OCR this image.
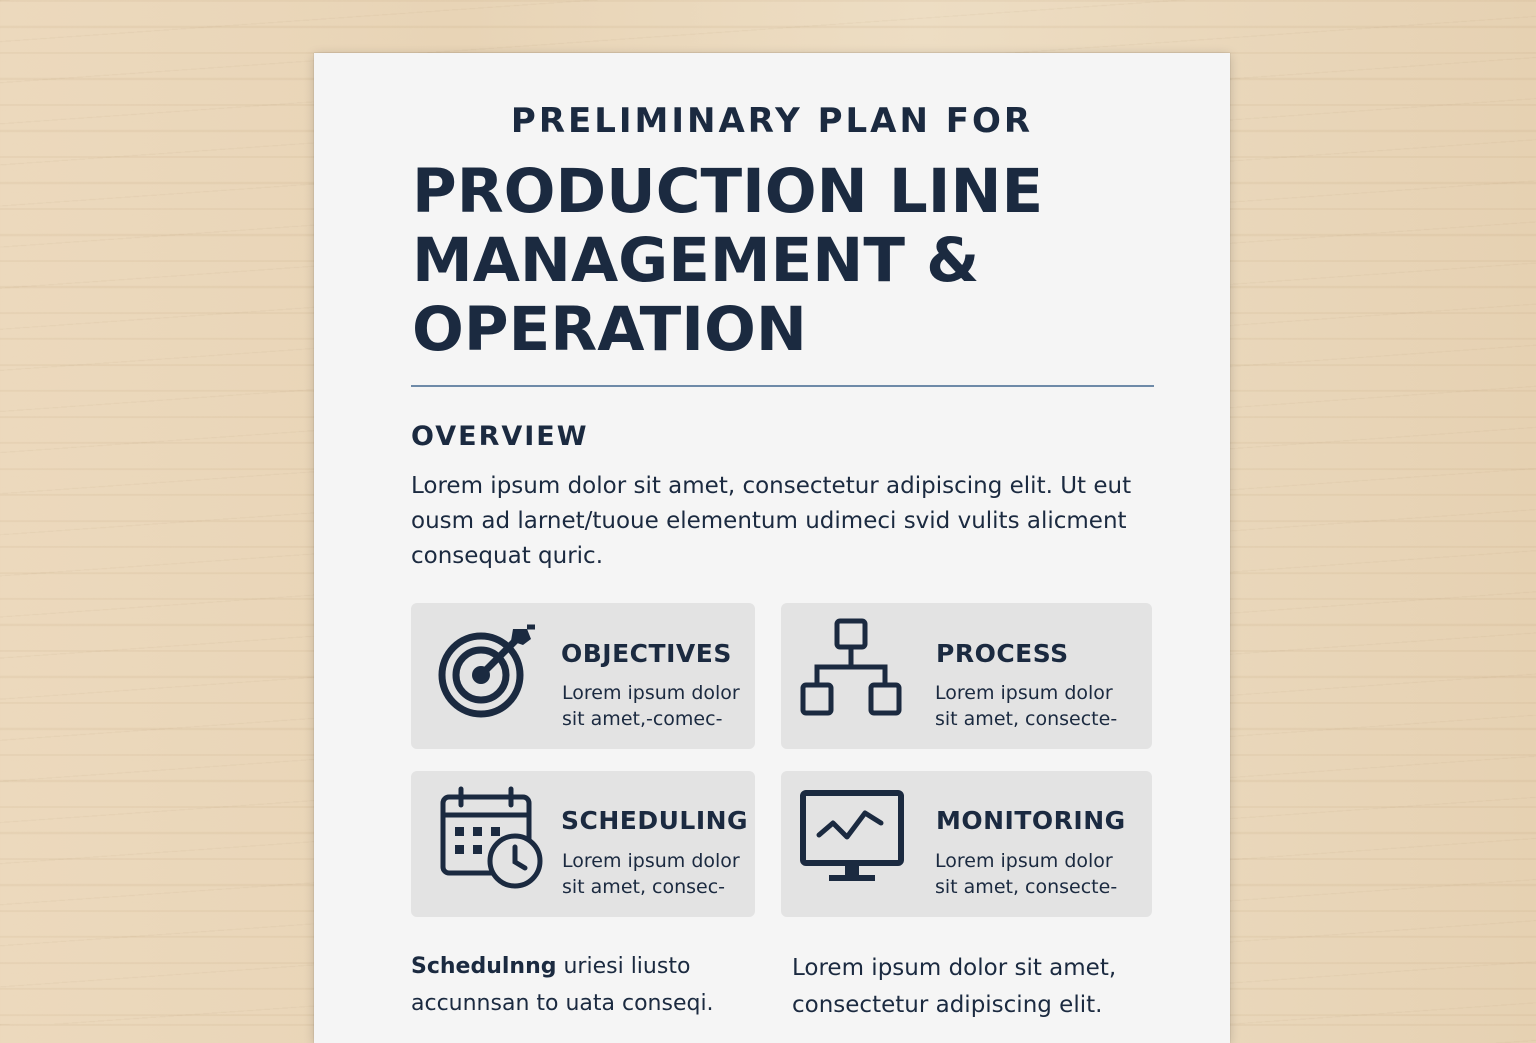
PRELIMINARY PLAN FOR
PRODUCTION LINE
MANAGEMENT &
OPERATION
OVERVIEW
Lorem ipsum dolor sit amet, consectetur adipiscing elit. Ut eut
ousm ad larnet/tuoue elementum udimeci svid vulits alicment
consequat quric.
OBJECTIVES
Lorem ipsum dolor
sit amet,-comec-
PROCESS
Lorem ipsum dolor
sit amet, consecte-
SCHEDULING
Lorem ipsum dolor
sit amet, consec-
MONITORING
Lorem ipsum dolor
sit amet, consecte-
Schedulnng uriesi liusto
accunnsan to uata conseqi.
Lorem ipsum dolor sit amet,
consectetur adipiscing elit.
